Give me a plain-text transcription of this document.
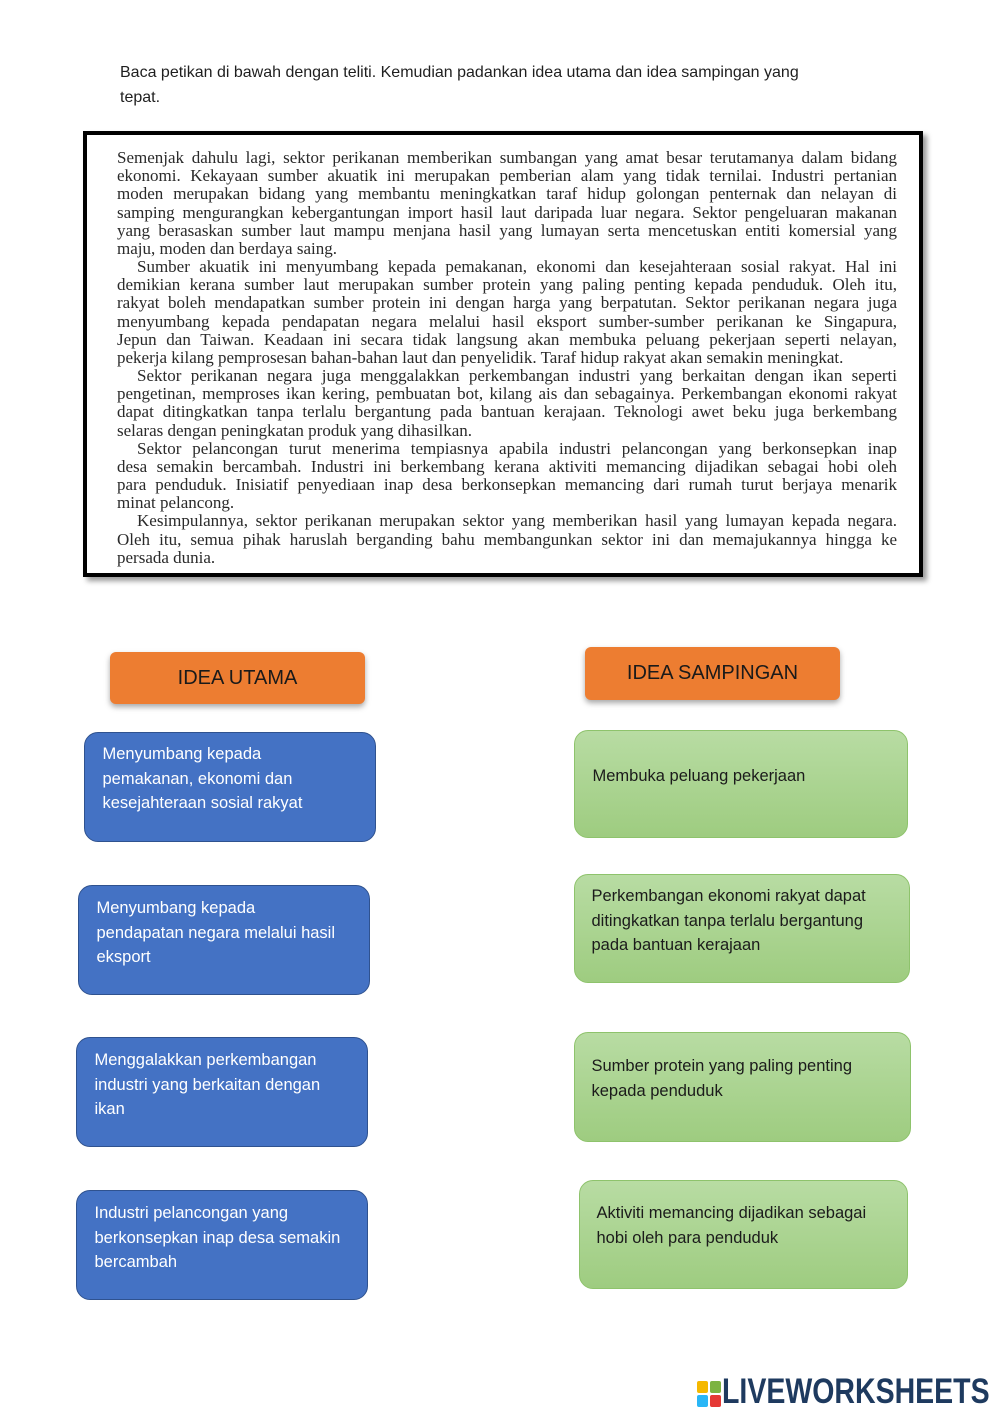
Baca petikan di bawah dengan teliti. Kemudian padankan idea utama dan idea sampingan yang
tepat.
Semenjak dahulu lagi, sektor perikanan memberikan sumbangan yang amat besar terutamanya dalam bidang
ekonomi. Kekayaan sumber akuatik ini merupakan pemberian alam yang tidak ternilai. Industri pertanian
moden merupakan bidang yang membantu meningkatkan taraf hidup golongan penternak dan nelayan di
samping mengurangkan kebergantungan import hasil laut daripada luar negara. Sektor pengeluaran makanan
yang berasaskan sumber laut mampu menjana hasil yang lumayan serta mencetuskan entiti komersial yang
maju, moden dan berdaya saing.
Sumber akuatik ini menyumbang kepada pemakanan, ekonomi dan kesejahteraan sosial rakyat. Hal ini
demikian kerana sumber laut merupakan sumber protein yang paling penting kepada penduduk. Oleh itu,
rakyat boleh mendapatkan sumber protein ini dengan harga yang berpatutan. Sektor perikanan negara juga
menyumbang kepada pendapatan negara melalui hasil eksport sumber-sumber perikanan ke Singapura,
Jepun dan Taiwan. Keadaan ini secara tidak langsung akan membuka peluang pekerjaan seperti nelayan,
pekerja kilang pemprosesan bahan-bahan laut dan penyelidik. Taraf hidup rakyat akan semakin meningkat.
Sektor perikanan negara juga menggalakkan perkembangan industri yang berkaitan dengan ikan seperti
pengetinan, memproses ikan kering, pembuatan bot, kilang ais dan sebagainya. Perkembangan ekonomi rakyat
dapat ditingkatkan tanpa terlalu bergantung pada bantuan kerajaan. Teknologi awet beku juga berkembang
selaras dengan peningkatan produk yang dihasilkan.
Sektor pelancongan turut menerima tempiasnya apabila industri pelancongan yang berkonsepkan inap
desa semakin bercambah. Industri ini berkembang kerana aktiviti memancing dijadikan sebagai hobi oleh
para penduduk. Inisiatif penyediaan inap desa berkonsepkan memancing dari rumah turut berjaya menarik
minat pelancong.
Kesimpulannya, sektor perikanan merupakan sektor yang memberikan hasil yang lumayan kepada negara.
Oleh itu, semua pihak haruslah berganding bahu membangunkan sektor ini dan memajukannya hingga ke
persada dunia.
IDEA UTAMA	IDEA SAMPINGAN
Menyumbang kepada
pemakanan, ekonomi dan
kesejahteraan sosial rakyat
Menyumbang kepada
pendapatan negara melalui hasil
eksport
Menggalakkan perkembangan
industri yang berkaitan dengan
ikan
Industri pelancongan yang
berkonsepkan inap desa semakin
bercambah
Membuka peluang pekerjaan
Perkembangan ekonomi rakyat dapat
ditingkatkan tanpa terlalu bergantung
pada bantuan kerajaan
Sumber protein yang paling penting
kepada penduduk
Aktiviti memancing dijadikan sebagai
hobi oleh para penduduk
LIVEWORKSHEETS
